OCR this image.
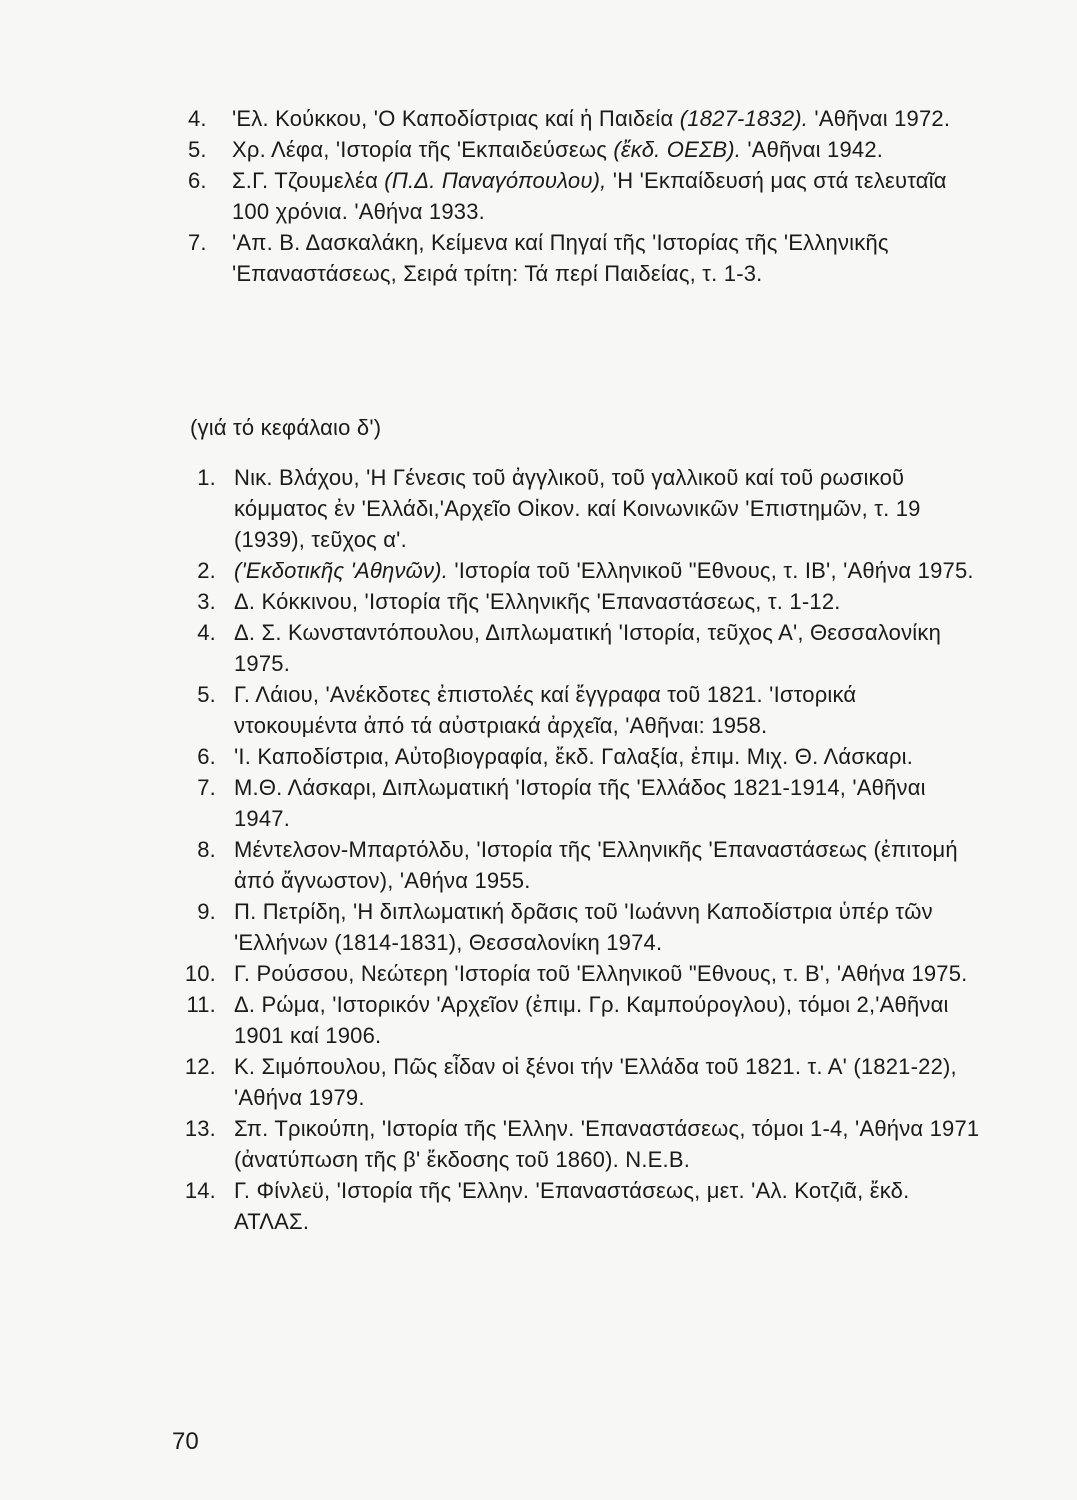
4.	'Ελ. Κούκκου, 'Ο Καποδίστριας καί ἡ Παιδεία (1827-1832). 'Αθῆναι 1972.
5.	Χρ. Λέφα, 'Ιστορία τῆς 'Εκπαιδεύσεως (ἔκδ. ΟΕΣΒ). 'Αθῆναι 1942.
6.	Σ.Γ. Τζουμελέα (Π.Δ. Παναγόπουλου), 'Η 'Εκπαίδευσή μας στά τελευταῖα 100 χρόνια. 'Αθήνα 1933.
7.	'Απ. Β. Δασκαλάκη, Κείμενα καί Πηγαί τῆς 'Ιστορίας τῆς 'Ελληνικῆς 'Επαναστάσεως, Σειρά τρίτη: Τά περί Παιδείας, τ. 1-3.
(γιά τό κεφάλαιο δ')
1. Νικ. Βλάχου, 'Η Γένεσις τοῦ ἀγγλικοῦ, τοῦ γαλλικοῦ καί τοῦ ρωσικοῦ κόμματος ἐν 'Ελλάδι,'Αρχεῖο Οἰκον. καί Κοινωνικῶν 'Επιστημῶν, τ. 19 (1939), τεῦχος α'.
2. ('Εκδοτικῆς 'Αθηνῶν). 'Ιστορία τοῦ 'Ελληνικοῦ "Εθνους, τ. ΙΒ', 'Αθήνα 1975.
3. Δ. Κόκκινου, 'Ιστορία τῆς 'Ελληνικῆς 'Επαναστάσεως, τ. 1-12.
4. Δ. Σ. Κωνσταντόπουλου, Διπλωματική 'Ιστορία, τεῦχος Α', Θεσσαλονίκη 1975.
5. Γ. Λάιου, 'Ανέκδοτες ἐπιστολές καί ἔγγραφα τοῦ 1821. 'Ιστορικά ντοκουμέντα ἀπό τά αὐστριακά ἀρχεῖα, 'Αθῆναι: 1958.
6. 'Ι. Καποδίστρια, Αὐτοβιογραφία, ἔκδ. Γαλαξία, ἐπιμ. Μιχ. Θ. Λάσκαρι.
7. Μ.Θ. Λάσκαρι, Διπλωματική 'Ιστορία τῆς 'Ελλάδος 1821-1914, 'Αθῆναι 1947.
8. Μέντελσον-Μπαρτόλδυ, 'Ιστορία τῆς 'Ελληνικῆς 'Επαναστάσεως (ἐπιτομή ἀπό ἄγνωστον), 'Αθήνα 1955.
9. Π. Πετρίδη, 'Η διπλωματική δρᾶσις τοῦ 'Ιωάννη Καποδίστρια ὑπέρ τῶν 'Ελλήνων (1814-1831), Θεσσαλονίκη 1974.
10. Γ. Ρούσσου, Νεώτερη 'Ιστορία τοῦ 'Ελληνικοῦ "Εθνους, τ. Β', 'Αθήνα 1975.
11. Δ. Ρώμα, 'Ιστορικόν 'Αρχεῖον (ἐπιμ. Γρ. Καμπούρογλου), τόμοι 2,'Αθῆναι 1901 καί 1906.
12. Κ. Σιμόπουλου, Πῶς εἶδαν οἱ ξένοι τήν 'Ελλάδα τοῦ 1821. τ. Α' (1821-22), 'Αθήνα 1979.
13. Σπ. Τρικούπη, 'Ιστορία τῆς 'Ελλην. 'Επαναστάσεως, τόμοι 1-4, 'Αθήνα 1971 (ἀνατύπωση τῆς β' ἔκδοσης τοῦ 1860). Ν.Ε.Β.
14. Γ. Φίνλεϋ, 'Ιστορία τῆς 'Ελλην. 'Επαναστάσεως, μετ. 'Αλ. Κοτζιᾶ, ἔκδ. ΑΤΛΑΣ.
70
